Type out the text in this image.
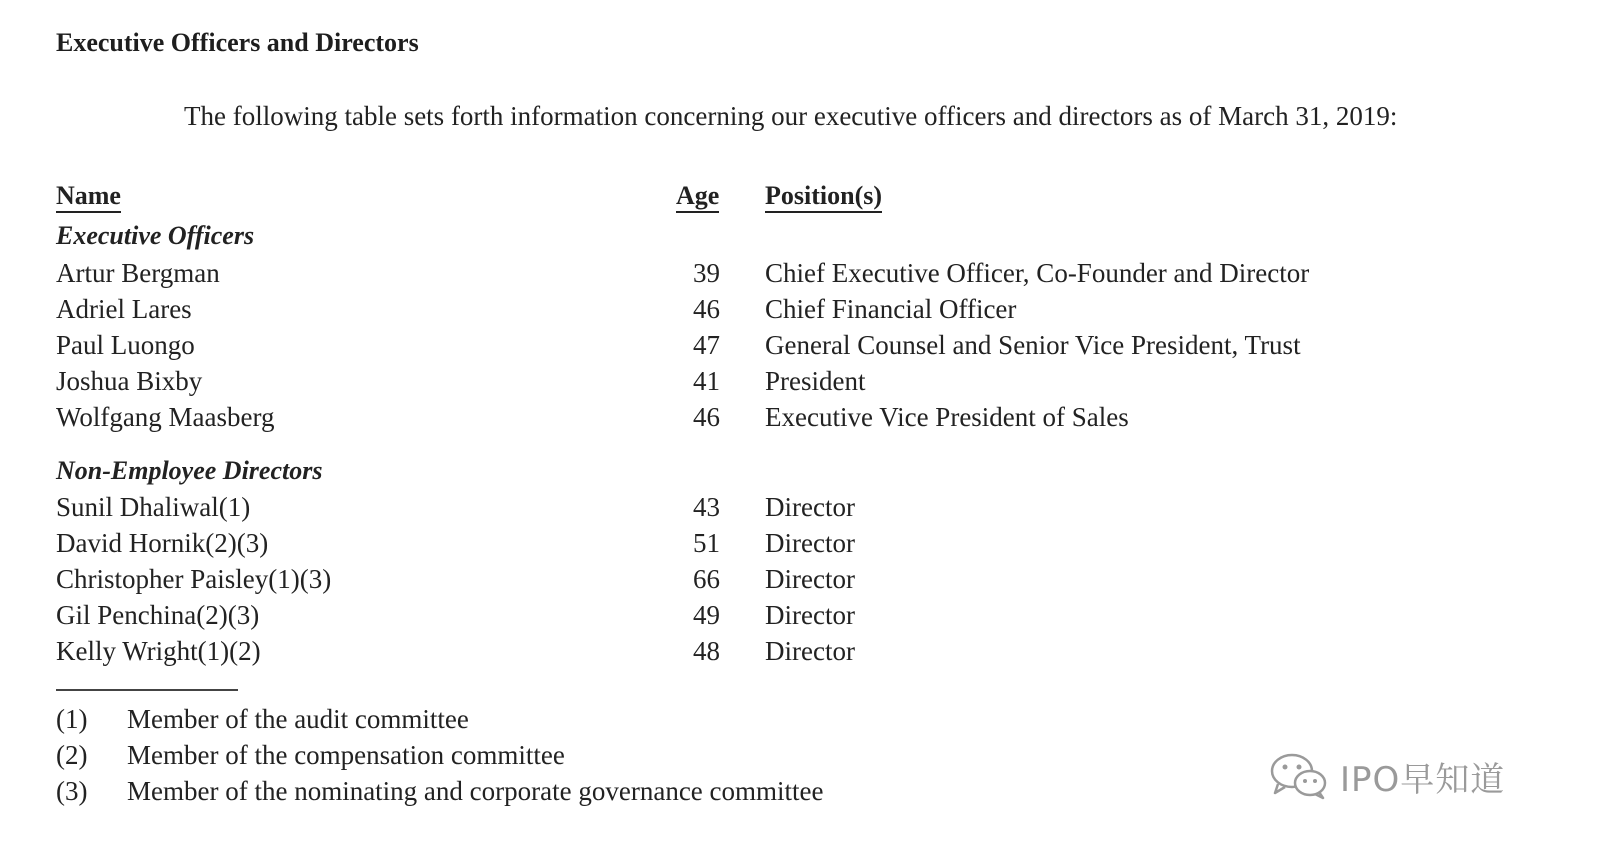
Executive Officers and Directors

The following table sets forth information concerning our executive officers and directors as of March 31, 2019:

Name	Age Position(s)
Executive Officers
Artur Bergman	39 Chief Executive Officer, Co-Founder and Director
Adriel Lares	46 Chief Financial Officer
Paul Luongo	47 General Counsel and Senior Vice President, Trust
Joshua Bixby	41 President
Wolfgang Maasberg	46 Executive Vice President of Sales
Non-Employee Directors
Sunil Dhaliwal(1)	43 Director
David Hornik(2)(3)	51 Director
Christopher Paisley(1)(3)	66 Director
Gil Penchina(2)(3)	49 Director
Kelly Wright(1)(2)	48 Director
(1) Member of the audit committee
(2) Member of the compensation committee
(3) Member of the nominating and corporate governance committee	IPO早知道
